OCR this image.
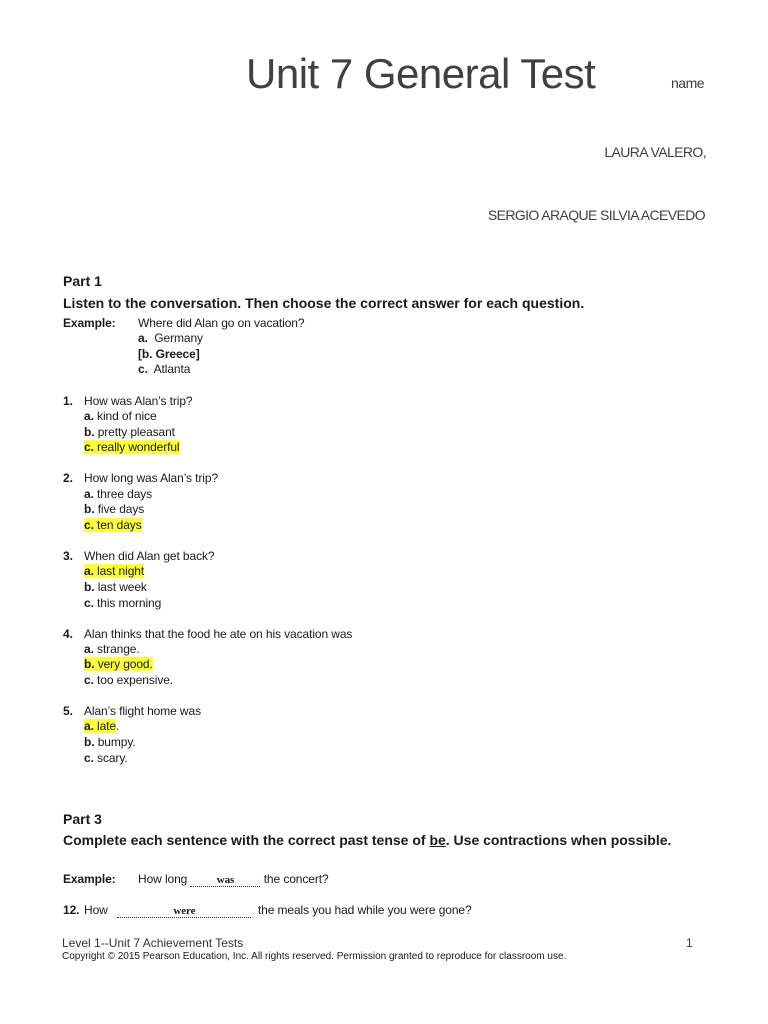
Unit 7 General Test	name
LAURA VALERO,
SERGIO ARAQUE SILVIA ACEVEDO
Part 1
Listen to the conversation. Then choose the correct answer for each question.
Example: Where did Alan go on vacation?
a. Germany
[b. Greece]
c. Atlanta
1. How was Alan’s trip?
a. kind of nice
b. pretty pleasant
c. really wonderful
2. How long was Alan’s trip?
a. three days
b. five days
c. ten days
3. When did Alan get back?
a. last night
b. last week
c. this morning
4. Alan thinks that the food he ate on his vacation was
a. strange.
b. very good.
c. too expensive.
5. Alan’s flight home was
a. late.
b. bumpy.
c. scary.
Part 3
Complete each sentence with the correct past tense of be. Use contractions when possible.
Example: How long	was the concert?
12. How	were	the meals you had while you were gone?
Level 1--Unit 7 Achievement Tests	1
Copyright © 2015 Pearson Education, Inc. All rights reserved. Permission granted to reproduce for classroom use.
